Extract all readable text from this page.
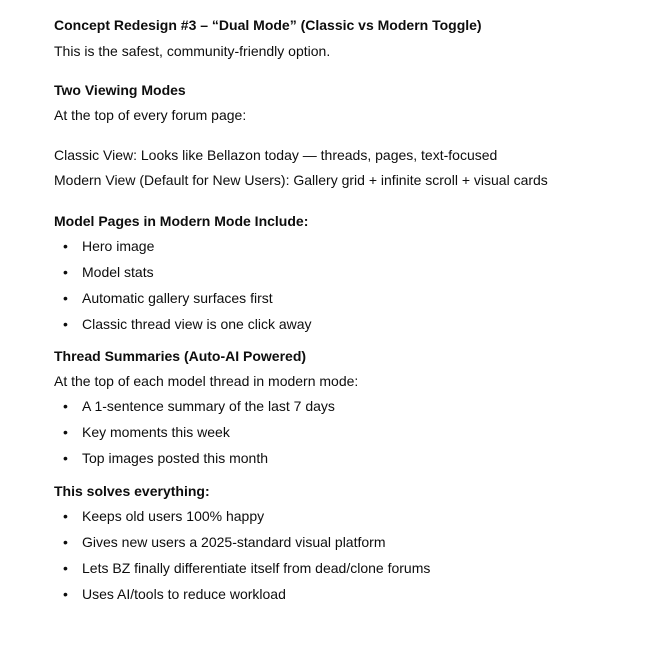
Concept Redesign #3 – “Dual Mode” (Classic vs Modern Toggle)

This is the safest, community-friendly option.

Two Viewing Modes

At the top of every forum page:

Classic View: Looks like Bellazon today — threads, pages, text-focused
Modern View (Default for New Users): Gallery grid + infinite scroll + visual cards
Model Pages in Modern Mode Include:
• Hero image
• Model stats
• Automatic gallery surfaces first
• Classic thread view is one click away
Thread Summaries (Auto-AI Powered)

At the top of each model thread in modern mode:

• A 1-sentence summary of the last 7 days
• Key moments this week
• Top images posted this month
This solves everything:
• Keeps old users 100% happy
• Gives new users a 2025-standard visual platform
• Lets BZ finally differentiate itself from dead/clone forums
• Uses AI/tools to reduce workload
